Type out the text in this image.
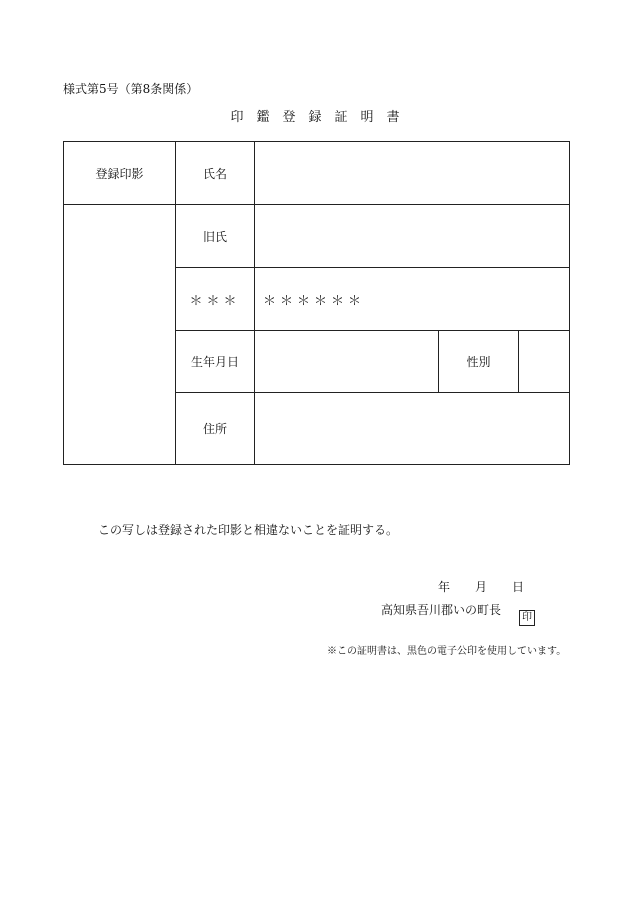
様式第5号（第8条関係）
印　鑑　登　録　証　明　書
登録印影	氏名			
	旧氏			
	＊＊＊	＊＊＊＊＊＊		
	生年月日		性別	
	住所			
この写しは登録された印影と相違ないことを証明する。
年 月 日
高知県吾川郡いの町長
印
※この証明書は、黒色の電子公印を使用しています。
